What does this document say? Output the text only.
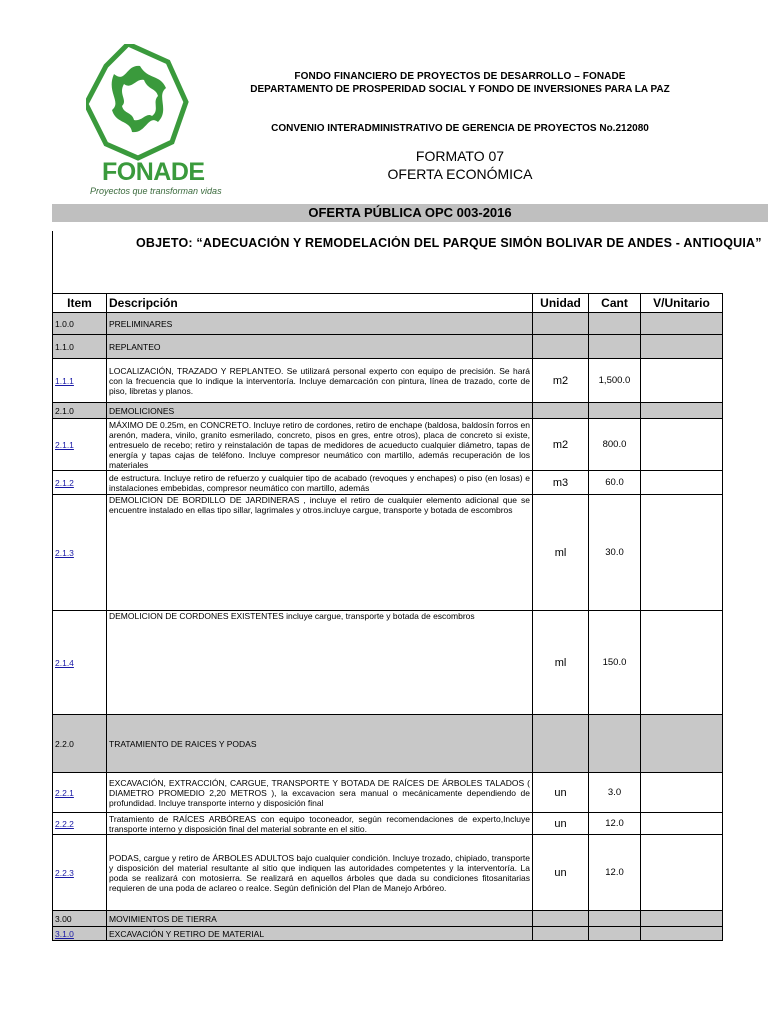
FONADE
Proyectos que transforman vidas
FONDO FINANCIERO DE PROYECTOS DE DESARROLLO – FONADE
DEPARTAMENTO DE PROSPERIDAD SOCIAL Y FONDO DE INVERSIONES PARA LA PAZ
CONVENIO INTERADMINISTRATIVO DE GERENCIA DE PROYECTOS No.212080
FORMATO 07
OFERTA ECONÓMICA
OFERTA PÚBLICA OPC 003-2016
OBJETO: “ADECUACIÓN Y REMODELACIÓN DEL PARQUE SIMÓN BOLIVAR DE ANDES - ANTIOQUIA”
Item	Descripción	Unidad	Cant	V/Unitario
1.0.0	PRELIMINARES			
1.1.0	REPLANTEO			
1.1.1	LOCALIZACIÓN, TRAZADO Y REPLANTEO. Se utilizará personal experto con equipo de precisión. Se hará con la frecuencia que lo indique la interventoría. Incluye demarcación con pintura, línea de trazado, corte de piso, libretas y planos.	m2	1,500.0	
2.1.0	DEMOLICIONES			
2.1.1	MÁXIMO DE 0.25m, en CONCRETO. Incluye retiro de cordones, retiro de enchape (baldosa, baldosín forros en arenón, madera, vinilo, granito esmerilado, concreto, pisos en gres, entre otros), placa de concreto si existe, entresuelo de recebo; retiro y reinstalación de tapas de medidores de acueducto cualquier diámetro, tapas de energía y tapas cajas de teléfono. Incluye compresor neumático con martillo, además recuperación de los materiales	m2	800.0	
2.1.2	de estructura. Incluye retiro de refuerzo y cualquier tipo de acabado (revoques y enchapes) o piso (en losas) e instalaciones embebidas, compresor neumático con martillo, además	m3	60.0	
2.1.3	DEMOLICION DE BORDILLO DE JARDINERAS , incluye el retiro de cualquier elemento adicional que se encuentre instalado en ellas tipo sillar, lagrimales y otros.incluye cargue, transporte y botada de escombros	ml	30.0	
2.1.4	DEMOLICION DE CORDONES EXISTENTES incluye cargue, transporte y botada de escombros	ml	150.0	
2.2.0	TRATAMIENTO DE RAICES Y PODAS			
2.2.1	EXCAVACIÓN, EXTRACCIÓN, CARGUE, TRANSPORTE Y BOTADA DE RAÍCES DE ÁRBOLES TALADOS ( DIAMETRO PROMEDIO 2,20 METROS ), la excavacion sera manual o mecánicamente dependiendo de profundidad. Incluye transporte interno y disposición final	un	3.0	
2.2.2	Tratamiento de RAÍCES ARBÓREAS con equipo toconeador, según recomendaciones de experto,Incluye transporte interno y disposición final del material sobrante en el sitio.	un	12.0	
2.2.3	PODAS, cargue y retiro de ÁRBOLES ADULTOS bajo cualquier condición. Incluye trozado, chipiado, transporte y disposición del material resultante al sitio que indiquen las autoridades competentes y la interventoría. La poda se realizará con motosierra. Se realizará en aquellos árboles que dada su condiciones fitosanitarias requieren de una poda de aclareo o realce. Según definición del Plan de Manejo Arbóreo.	un	12.0	
3.00	MOVIMIENTOS DE TIERRA			
3.1.0	EXCAVACIÓN Y RETIRO DE MATERIAL			
